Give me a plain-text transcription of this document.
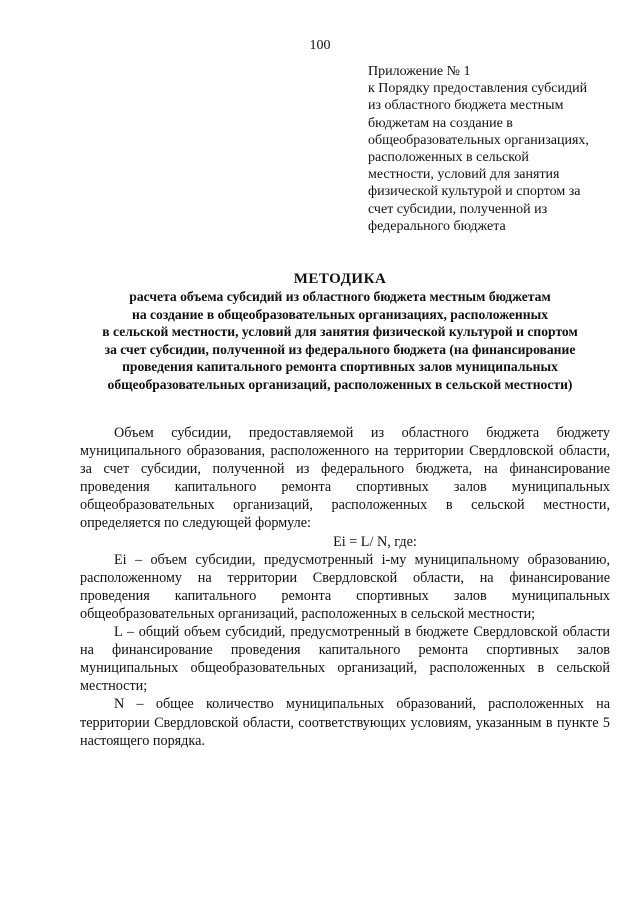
100
Приложение № 1
к Порядку предоставления субсидий
из областного бюджета местным
бюджетам на создание в
общеобразовательных организациях,
расположенных в сельской
местности, условий для занятия
физической культурой и спортом за
счет субсидии, полученной из
федерального бюджета
МЕТОДИКА
расчета объема субсидий из областного бюджета местным бюджетам
на создание в общеобразовательных организациях, расположенных
в сельской местности, условий для занятия физической культурой и спортом
за счет субсидии, полученной из федерального бюджета (на финансирование
проведения капитального ремонта спортивных залов муниципальных
общеобразовательных организаций, расположенных в сельской местности)

Объем субсидии, предоставляемой из областного бюджета бюджету муниципального образования, расположенного на территории Свердловской области, за счет субсидии, полученной из федерального бюджета, на финансирование проведения капитального ремонта спортивных залов муниципальных общеобразовательных организаций, расположенных в сельской местности, определяется по следующей формуле:

Ei = L/ N, где:

Ei – объем субсидии, предусмотренный i-му муниципальному образованию, расположенному на территории Свердловской области, на финансирование проведения капитального ремонта спортивных залов муниципальных общеобразовательных организаций, расположенных в сельской местности;

L – общий объем субсидий, предусмотренный в бюджете Свердловской области на финансирование проведения капитального ремонта спортивных залов муниципальных общеобразовательных организаций, расположенных в сельской местности;

N – общее количество муниципальных образований, расположенных на территории Свердловской области, соответствующих условиям, указанным в пункте 5 настоящего порядка.
